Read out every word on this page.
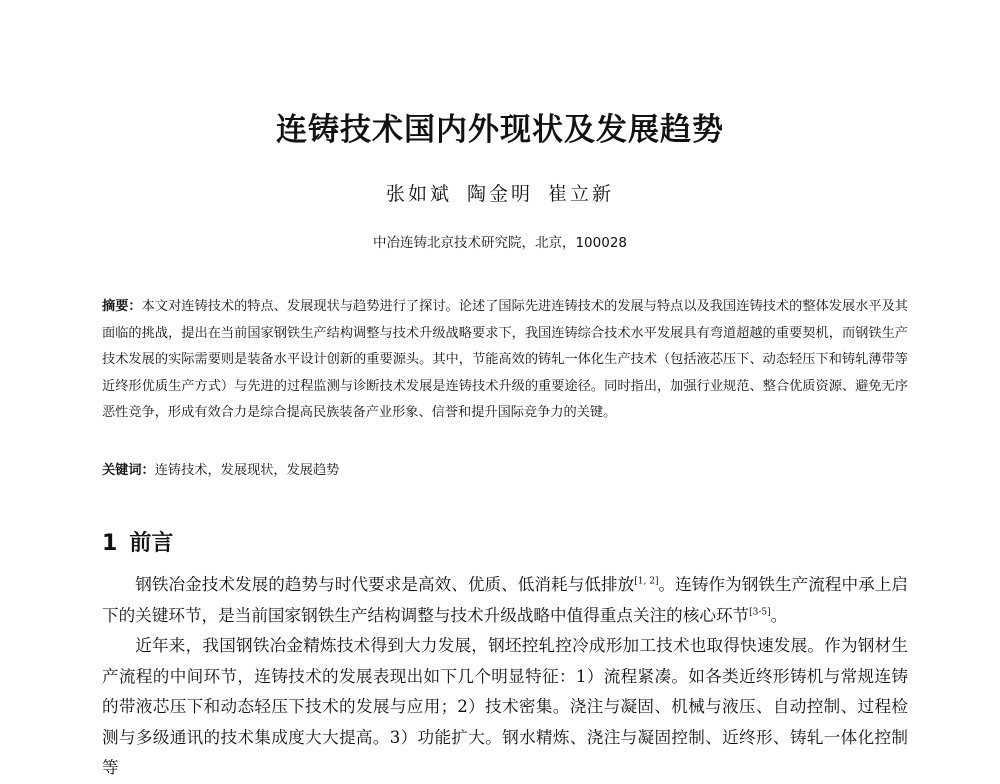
连铸技术国内外现状及发展趋势
张如斌 陶金明 崔立新
中冶连铸北京技术研究院，北京，100028

摘要：本文对连铸技术的特点、发展现状与趋势进行了探讨。论述了国际先进连铸技术的发展与特点以及我国连铸技术的整体发展水平及其面临的挑战，提出在当前国家钢铁生产结构调整与技术升级战略要求下，我国连铸综合技术水平发展具有弯道超越的重要契机，而钢铁生产技术发展的实际需要则是装备水平设计创新的重要源头。其中，节能高效的铸轧一体化生产技术（包括液芯压下、动态轻压下和铸轧薄带等近终形优质生产方式）与先进的过程监测与诊断技术发展是连铸技术升级的重要途径。同时指出，加强行业规范、整合优质资源、避免无序恶性竞争，形成有效合力是综合提高民族装备产业形象、信誉和提升国际竞争力的关键。

关键词：连铸技术，发展现状，发展趋势
1 前言

钢铁冶金技术发展的趋势与时代要求是高效、优质、低消耗与低排放[1, 2]。连铸作为钢铁生产流程中承上启下的关键环节，是当前国家钢铁生产结构调整与技术升级战略中值得重点关注的核心环节[3-5]。

近年来，我国钢铁冶金精炼技术得到大力发展，钢坯控轧控冷成形加工技术也取得快速发展。作为钢材生产流程的中间环节，连铸技术的发展表现出如下几个明显特征：1）流程紧凑。如各类近终形铸机与常规连铸的带液芯压下和动态轻压下技术的发展与应用；2）技术密集。浇注与凝固、机械与液压、自动控制、过程检测与多级通讯的技术集成度大大提高。3）功能扩大。钢水精炼、浇注与凝固控制、近终形、铸轧一体化控制等
